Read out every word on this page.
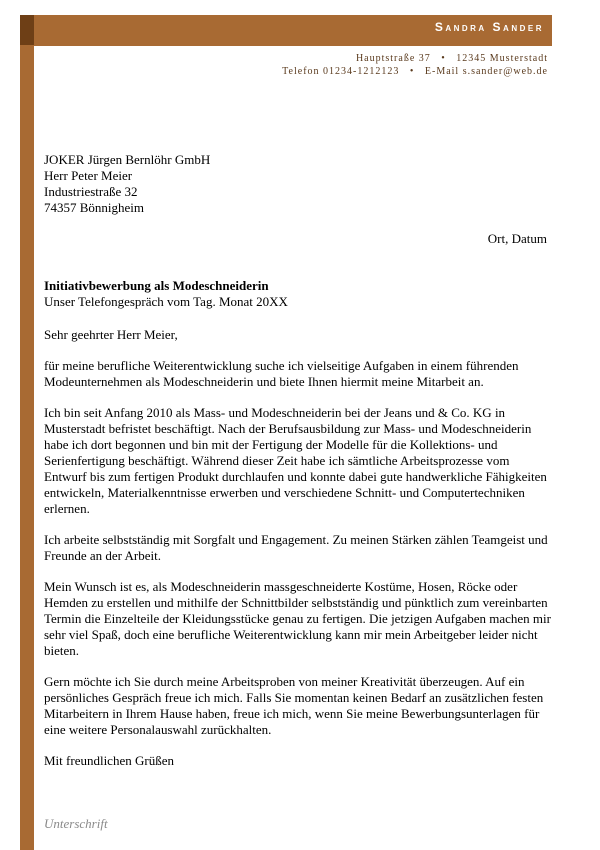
Sandra Sander
Hauptstraße 37 • 12345 Musterstadt
Telefon 01234-1212123 • E-Mail s.sander@web.de
JOKER Jürgen Bernlöhr GmbH
Herr Peter Meier
Industriestraße 32
74357 Bönnigheim
Ort, Datum
Initiativbewerbung als Modeschneiderin
Unser Telefongespräch vom Tag. Monat 20XX

Sehr geehrter Herr Meier,

für meine berufliche Weiterentwicklung suche ich vielseitige Aufgaben in einem führenden Modeunternehmen als Modeschneiderin und biete Ihnen hiermit meine Mitarbeit an.

Ich bin seit Anfang 2010 als Mass- und Modeschneiderin bei der Jeans und & Co. KG in Musterstadt befristet beschäftigt. Nach der Berufsausbildung zur Mass- und Modeschneiderin habe ich dort begonnen und bin mit der Fertigung der Modelle für die Kollektions- und Serienfertigung beschäftigt. Während dieser Zeit habe ich sämtliche Arbeitsprozesse vom Entwurf bis zum fertigen Produkt durchlaufen und konnte dabei gute handwerkliche Fähigkeiten entwickeln, Materialkenntnisse erwerben und verschiedene Schnitt- und Computertechniken erlernen.

Ich arbeite selbstständig mit Sorgfalt und Engagement. Zu meinen Stärken zählen Teamgeist und Freunde an der Arbeit.

Mein Wunsch ist es, als Modeschneiderin massgeschneiderte Kostüme, Hosen, Röcke oder Hemden zu erstellen und mithilfe der Schnittbilder selbstständig und pünktlich zum vereinbarten Termin die Einzelteile der Kleidungsstücke genau zu fertigen. Die jetzigen Aufgaben machen mir sehr viel Spaß, doch eine berufliche Weiterentwicklung kann mir mein Arbeitgeber leider nicht bieten.

Gern möchte ich Sie durch meine Arbeitsproben von meiner Kreativität überzeugen. Auf ein persönliches Gespräch freue ich mich. Falls Sie momentan keinen Bedarf an zusätzlichen festen Mitarbeitern in Ihrem Hause haben, freue ich mich, wenn Sie meine Bewerbungsunterlagen für eine weitere Personalauswahl zurückhalten.

Mit freundlichen Grüßen

Unterschrift
